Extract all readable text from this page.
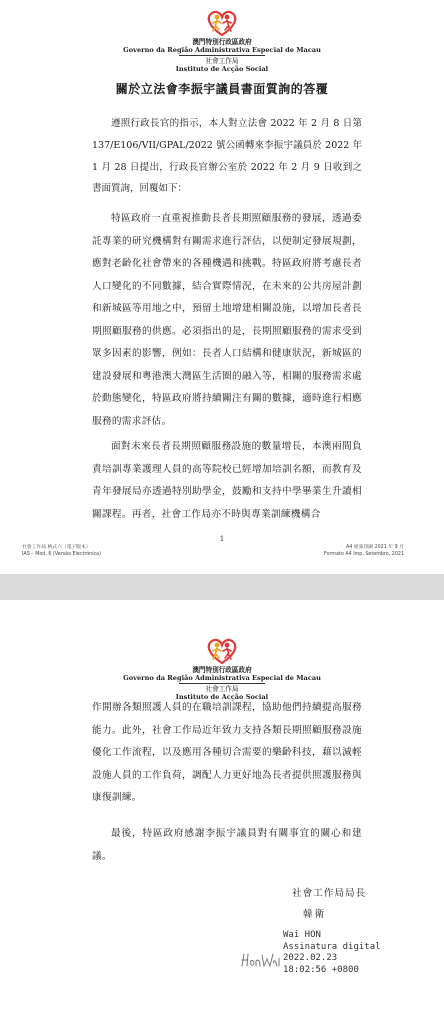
澳門特別行政區政府
Governo da Região Administrativa Especial de Macau
社會工作局
Instituto de Acção Social
關於立法會李振宇議員書面質詢的答覆

遵照行政長官的指示，本人對立法會 2022 年 2 月 8 日第 137/E106/VII/GPAL/2022 號公函轉來李振宇議員於 2022 年 1 月 28 日提出，行政長官辦公室於 2022 年 2 月 9 日收到之書面質詢，回覆如下：

特區政府一直重視推動長者長期照顧服務的發展，透過委託專業的研究機構對有關需求進行評估，以便制定發展規劃，應對老齡化社會帶來的各種機遇和挑戰。特區政府將考慮長者人口變化的不同數據，結合實際情況，在未來的公共房屋計劃和新城區等用地之中，預留土地增建相關設施，以增加長者長期照顧服務的供應。必須指出的是，長期照顧服務的需求受到眾多因素的影響，例如：長者人口結構和健康狀況，新城區的建設發展和粵港澳大灣區生活圈的融入等，相關的服務需求處於動態變化，特區政府將持續關注有關的數據，適時進行相應服務的需求評估。

面對未來長者長期照顧服務設施的數量增長，本澳兩間負責培訓專業護理人員的高等院校已經增加培訓名額，而教育及青年發展局亦透過特別助學金，鼓勵和支持中學畢業生升讀相關課程。再者，社會工作局亦不時與專業訓練機構合

社會工作局 格式六（電子版本）
IAS – Mod. 6 (Versão Electrónica)
1
A4 紙張印刷 2021 年 9 月
Formato A4 Imp. Setembro, 2021
澳門特別行政區政府
Governo da Região Administrativa Especial de Macau
社會工作局
Instituto de Acção Social

作開辦各類照護人員的在職培訓課程，協助他們持續提高服務能力。此外，社會工作局近年致力支持各類長期照顧服務設施優化工作流程，以及應用各種切合需要的樂齡科技，藉以減輕設施人員的工作負荷，調配人力更好地為長者提供照護服務與康復訓練。

最後，特區政府感謝李振宇議員對有關事宜的關心和建議。

社會工作局局長
韓衛
Wai HON
Assinatura digital
2022.02.23
18:02:56 +0800
